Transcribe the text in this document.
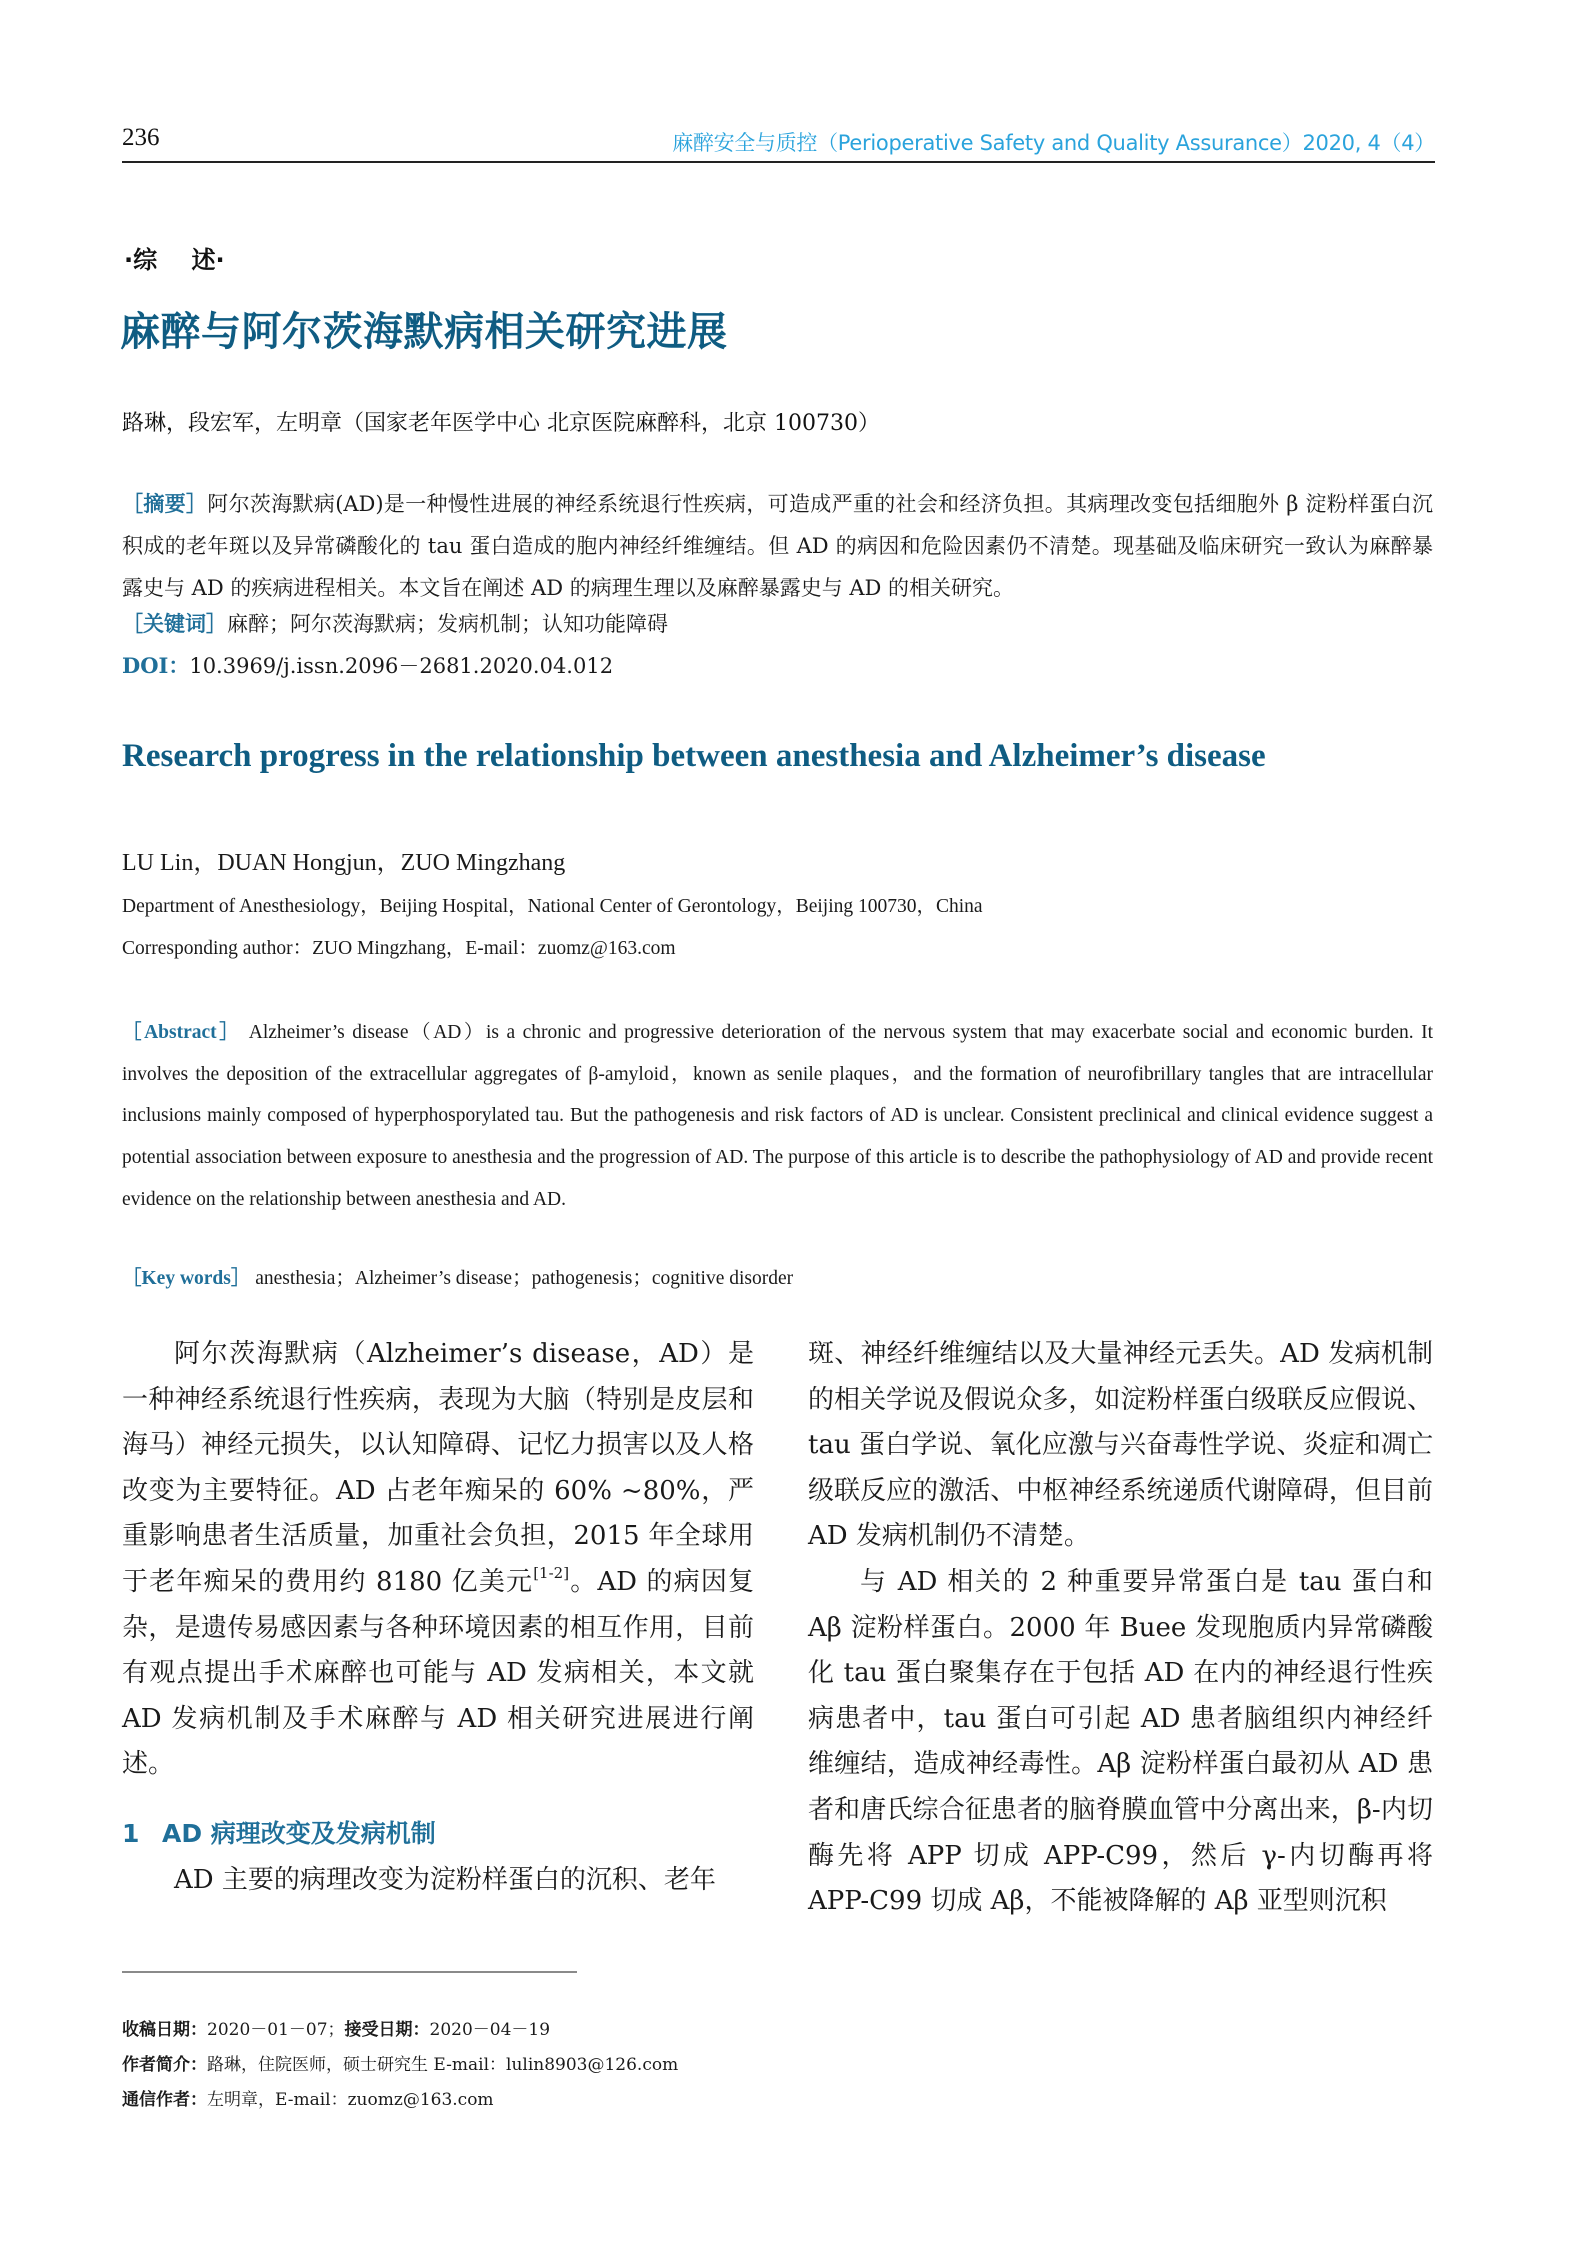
236	麻醉安全与质控（Perioperative Safety and Quality Assurance）2020, 4（4）
·综 述·
麻醉与阿尔茨海默病相关研究进展
路琳，段宏军，左明章（国家老年医学中心 北京医院麻醉科，北京 100730）
［摘要］阿尔茨海默病(AD)是一种慢性进展的神经系统退行性疾病，可造成严重的社会和经济负担。其病理改变包括细胞外 β 淀粉样蛋白沉积成的老年斑以及异常磷酸化的 tau 蛋白造成的胞内神经纤维缠结。但 AD 的病因和危险因素仍不清楚。现基础及临床研究一致认为麻醉暴露史与 AD 的疾病进程相关。本文旨在阐述 AD 的病理生理以及麻醉暴露史与 AD 的相关研究。
［关键词］麻醉；阿尔茨海默病；发病机制；认知功能障碍
DOI：10.3969/j.issn.2096－2681.2020.04.012
Research progress in the relationship between anesthesia and Alzheimer’s disease
LU Lin，DUAN Hongjun，ZUO Mingzhang
Department of Anesthesiology，Beijing Hospital，National Center of Gerontology，Beijing 100730，China
Corresponding author：ZUO Mingzhang，E-mail：zuomz@163.com
［Abstract］ Alzheimer’s disease（AD）is a chronic and progressive deterioration of the nervous system that may exacerbate social and economic burden. It involves the deposition of the extracellular aggregates of β-amyloid，known as senile plaques，and the formation of neurofibrillary tangles that are intracellular inclusions mainly composed of hyperphosporylated tau. But the pathogenesis and risk factors of AD is unclear. Consistent preclinical and clinical evidence suggest a potential association between exposure to anesthesia and the progression of AD. The purpose of this article is to describe the pathophysiology of AD and provide recent evidence on the relationship between anesthesia and AD.
［Key words］ anesthesia；Alzheimer’s disease；pathogenesis；cognitive disorder

阿尔茨海默病（Alzheimer’s disease，AD）是一种神经系统退行性疾病，表现为大脑（特别是皮层和海马）神经元损失，以认知障碍、记忆力损害以及人格改变为主要特征。AD 占老年痴呆的 60% ~80%，严重影响患者生活质量，加重社会负担，2015 年全球用于老年痴呆的费用约 8180 亿美元[1-2]。AD 的病因复杂，是遗传易感因素与各种环境因素的相互作用，目前有观点提出手术麻醉也可能与 AD 发病相关，本文就 AD 发病机制及手术麻醉与 AD 相关研究进展进行阐述。

1 AD 病理改变及发病机制

AD 主要的病理改变为淀粉样蛋白的沉积、老年

斑、神经纤维缠结以及大量神经元丢失。AD 发病机制的相关学说及假说众多，如淀粉样蛋白级联反应假说、tau 蛋白学说、氧化应激与兴奋毒性学说、炎症和凋亡级联反应的激活、中枢神经系统递质代谢障碍，但目前 AD 发病机制仍不清楚。

与 AD 相关的 2 种重要异常蛋白是 tau 蛋白和 Aβ 淀粉样蛋白。2000 年 Buee 发现胞质内异常磷酸化 tau 蛋白聚集存在于包括 AD 在内的神经退行性疾病患者中，tau 蛋白可引起 AD 患者脑组织内神经纤维缠结，造成神经毒性。Aβ 淀粉样蛋白最初从 AD 患者和唐氏综合征患者的脑脊膜血管中分离出来，β-内切酶先将 APP 切成 APP-C99，然后 γ-内切酶再将 APP-C99 切成 Aβ，不能被降解的 Aβ 亚型则沉积

收稿日期：2020－01－07；接受日期：2020－04－19
作者简介：路琳，住院医师，硕士研究生 E-mail：lulin8903@126.com
通信作者：左明章，E-mail：zuomz@163.com
